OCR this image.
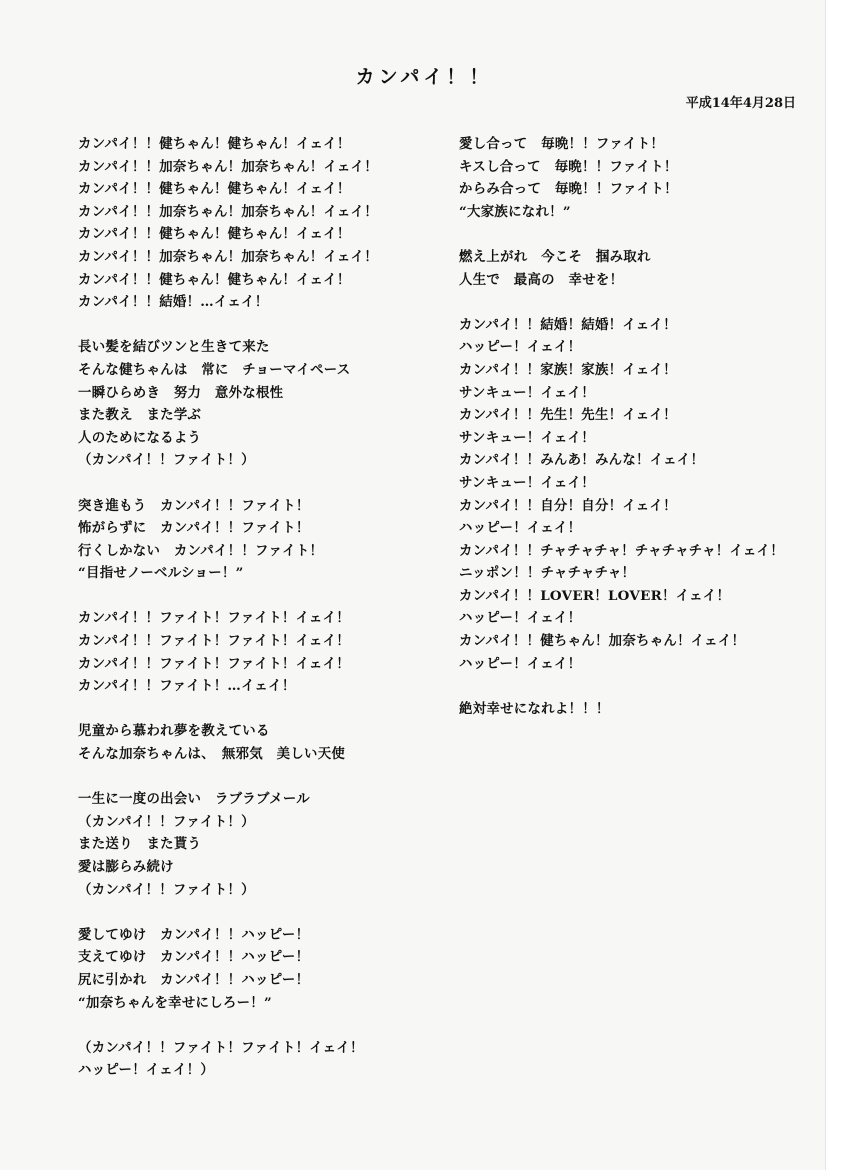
カンパイ！！
平成14年4月28日
カンパイ！！健ちゃん！健ちゃん！イェイ！
カンパイ！！加奈ちゃん！加奈ちゃん！イェイ！
カンパイ！！健ちゃん！健ちゃん！イェイ！
カンパイ！！加奈ちゃん！加奈ちゃん！イェイ！
カンパイ！！健ちゃん！健ちゃん！イェイ！
カンパイ！！加奈ちゃん！加奈ちゃん！イェイ！
カンパイ！！健ちゃん！健ちゃん！イェイ！
カンパイ！！結婚！…イェイ！
長い髪を結びツンと生きて来た
そんな健ちゃんは　常に　チョーマイペース
一瞬ひらめき　努力　意外な根性
また教え　また学ぶ
人のためになるよう
（カンパイ！！ファイト！）
突き進もう　カンパイ！！ファイト！
怖がらずに　カンパイ！！ファイト！
行くしかない　カンパイ！！ファイト！
“目指せノーベルショー！”
カンパイ！！ファイト！ファイト！イェイ！
カンパイ！！ファイト！ファイト！イェイ！
カンパイ！！ファイト！ファイト！イェイ！
カンパイ！！ファイト！…イェイ！
児童から慕われ夢を教えている
そんな加奈ちゃんは、　無邪気　美しい天使
一生に一度の出会い　ラブラブメール
（カンパイ！！ファイト！）
また送り　また貰う
愛は膨らみ続け
（カンパイ！！ファイト！）
愛してゆけ　カンパイ！！ハッピー！
支えてゆけ　カンパイ！！ハッピー！
尻に引かれ　カンパイ！！ハッピー！
“加奈ちゃんを幸せにしろー！”
（カンパイ！！ファイト！ファイト！イェイ！
ハッピー！イェイ！）
愛し合って　毎晩！！ファイト！
キスし合って　毎晩！！ファイト！
からみ合って　毎晩！！ファイト！
“大家族になれ！”
燃え上がれ　今こそ　掴み取れ
人生で　最高の　幸せを！
カンパイ！！結婚！結婚！イェイ！
ハッピー！イェイ！
カンパイ！！家族！家族！イェイ！
サンキュー！イェイ！
カンパイ！！先生！先生！イェイ！
サンキュー！イェイ！
カンパイ！！みんあ！みんな！イェイ！
サンキュー！イェイ！
カンパイ！！自分！自分！イェイ！
ハッピー！イェイ！
カンパイ！！チャチャチャ！チャチャチャ！イェイ！
ニッポン！！チャチャチャ！
カンパイ！！LOVER！LOVER！イェイ！
ハッピー！イェイ！
カンパイ！！健ちゃん！加奈ちゃん！イェイ！
ハッピー！イェイ！
絶対幸せになれよ！！！
